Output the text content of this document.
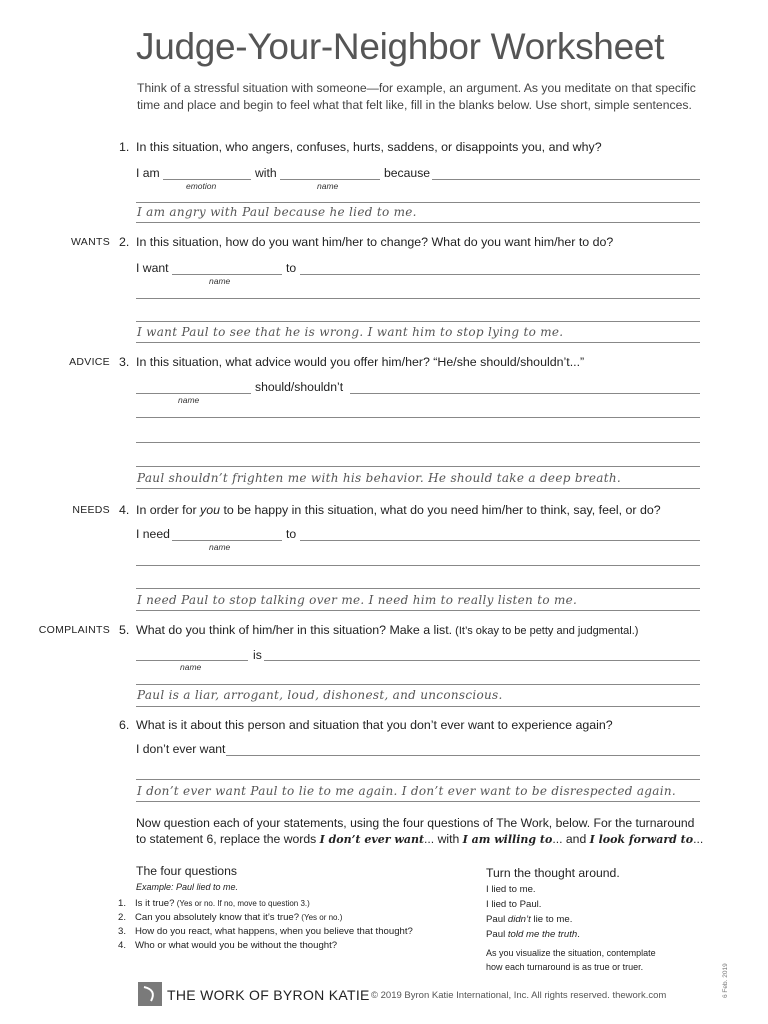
Judge-Your-Neighbor Worksheet
Think of a stressful situation with someone—for example, an argument. As you meditate on that specific time and place and begin to feel what that felt like, fill in the blanks below. Use short, simple sentences.
1. In this situation, who angers, confuses, hurts, saddens, or disappoints you, and why?
I am
emotion
with
name
because
I am angry with Paul because he lied to me.
WANTS 2. In this situation, how do you want him/her to change? What do you want him/her to do?
I want
name
to
I want Paul to see that he is wrong. I want him to stop lying to me.
ADVICE 3. In this situation, what advice would you offer him/her? “He/she should/shouldn’t...”
name
should/shouldn’t
Paul shouldn’t frighten me with his behavior. He should take a deep breath.
NEEDS 4. In order for you to be happy in this situation, what do you need him/her to think, say, feel, or do?
I need
name
to
I need Paul to stop talking over me. I need him to really listen to me.
COMPLAINTS 5. What do you think of him/her in this situation? Make a list. (It’s okay to be petty and judgmental.)
name
is
Paul is a liar, arrogant, loud, dishonest, and unconscious.
6. What is it about this person and situation that you don’t ever want to experience again?
I don’t ever want
I don’t ever want Paul to lie to me again. I don’t ever want to be disrespected again.
Now question each of your statements, using the four questions of The Work, below. For the turnaround
to statement 6, replace the words I don’t ever want... with I am willing to... and I look forward to...
The four questions
Example: Paul lied to me.
1. Is it true? (Yes or no. If no, move to question 3.)
2. Can you absolutely know that it’s true? (Yes or no.)
3. How do you react, what happens, when you believe that thought?
4. Who or what would you be without the thought?
Turn the thought around.
I lied to me.
I lied to Paul.
Paul didn’t lie to me.
Paul told me the truth.
As you visualize the situation, contemplate
how each turnaround is as true or truer.
THE WORK OF BYRON KATIE © 2019 Byron Katie International, Inc. All rights reserved. thework.com	6 Feb. 2019
